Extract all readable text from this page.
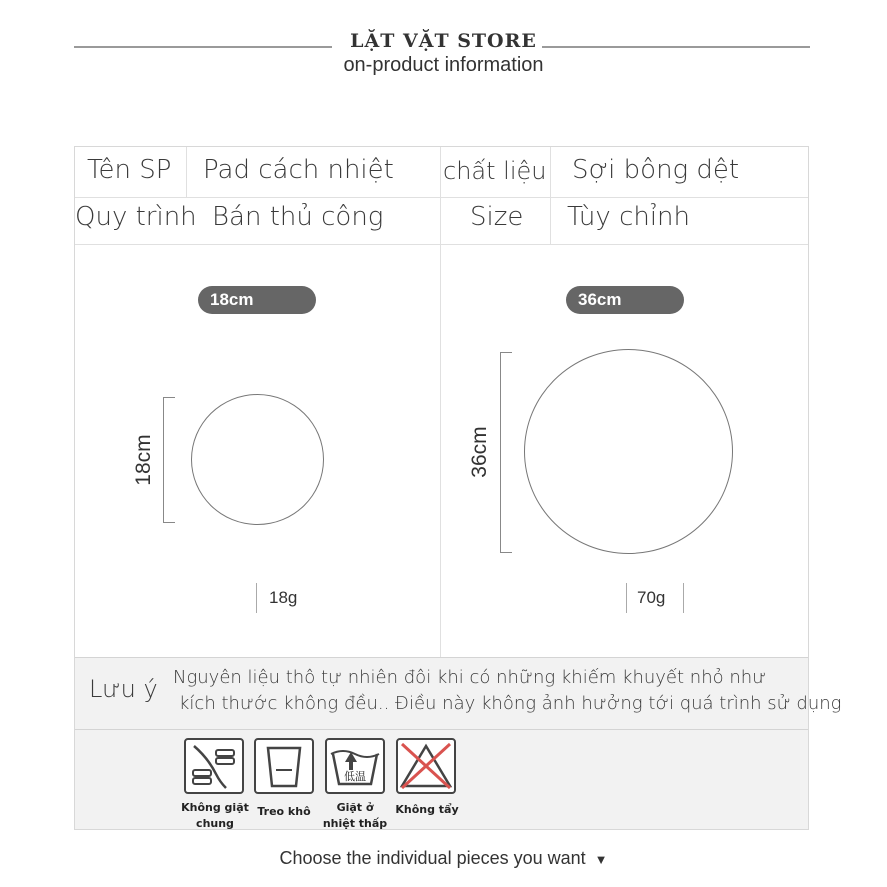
LẶT VẶT STORE
on-product information
Tên SP Pad cách nhiệt chất liệu Sợi bông dệt
Quy trình Bán thủ công	Size Tùy chỉnh
Lưu ý Nguyên liệu thô tự nhiên đôi khi có những khiếm khuyết nhỏ như
kích thước không đều.. Điều này không ảnh hưởng tới quá trình sử dụng
18cm
18cm
18g
36cm
36cm
70g
低温
Không giặt
chung
Treo khô	Giặt ở
nhiệt thấp
Không tẩy
Choose the individual pieces you want ▼
